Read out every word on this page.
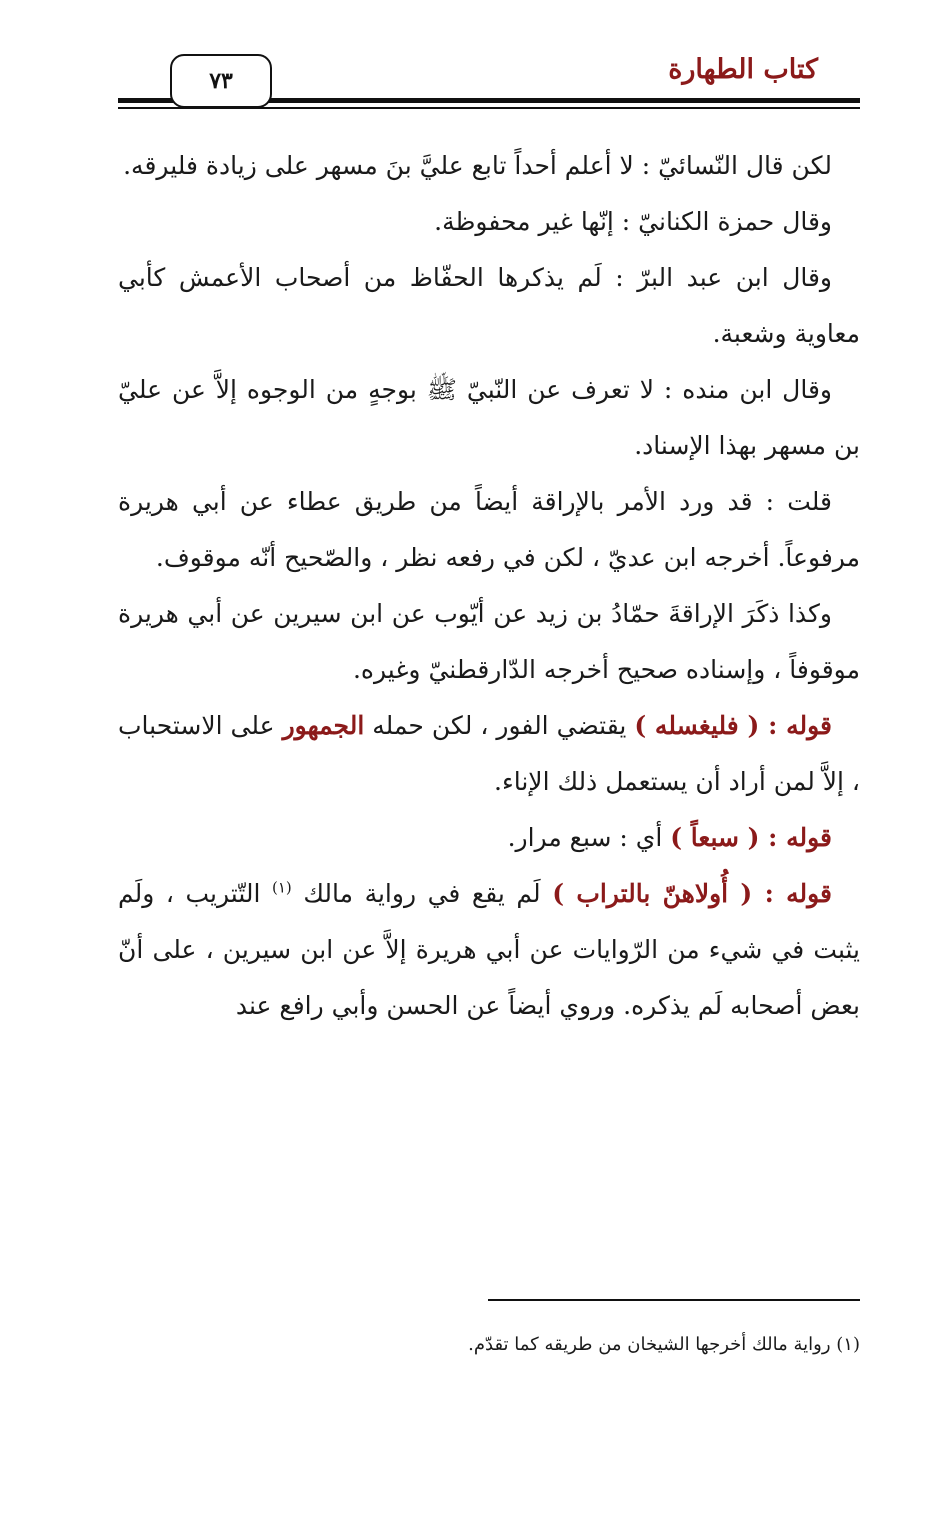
كتاب الطهارة
٧٣

لكن قال النّسائيّ : لا أعلم أحداً تابع عليَّ بنَ مسهر على زيادة فليرقه.

وقال حمزة الكنانيّ : إنّها غير محفوظة.

وقال ابن عبد البرّ : لَم يذكرها الحفّاظ من أصحاب الأعمش كأبي معاوية وشعبة.

وقال ابن منده : لا تعرف عن النّبيّ ﷺ بوجهٍ من الوجوه إلاَّ عن عليّ بن مسهر بهذا الإسناد.

قلت : قد ورد الأمر بالإراقة أيضاً من طريق عطاء عن أبي هريرة مرفوعاً. أخرجه ابن عديّ ، لكن في رفعه نظر ، والصّحيح أنّه موقوف.

وكذا ذكَرَ الإراقةَ حمّادُ بن زيد عن أيّوب عن ابن سيرين عن أبي هريرة موقوفاً ، وإسناده صحيح أخرجه الدّارقطنيّ وغيره.

قوله : ( فليغسله ) يقتضي الفور ، لكن حمله الجمهور على الاستحباب ، إلاَّ لمن أراد أن يستعمل ذلك الإناء.

قوله : ( سبعاً ) أي : سبع مرار.

قوله : ( أُولاهنّ بالتراب ) لَم يقع في رواية مالك $^{(١)}$ التّتريب ، ولَم يثبت في شيء من الرّوايات عن أبي هريرة إلاَّ عن ابن سيرين ، على أنّ بعض أصحابه لَم يذكره. وروي أيضاً عن الحسن وأبي رافع عند

(١) رواية مالك أخرجها الشيخان من طريقه كما تقدّم.
